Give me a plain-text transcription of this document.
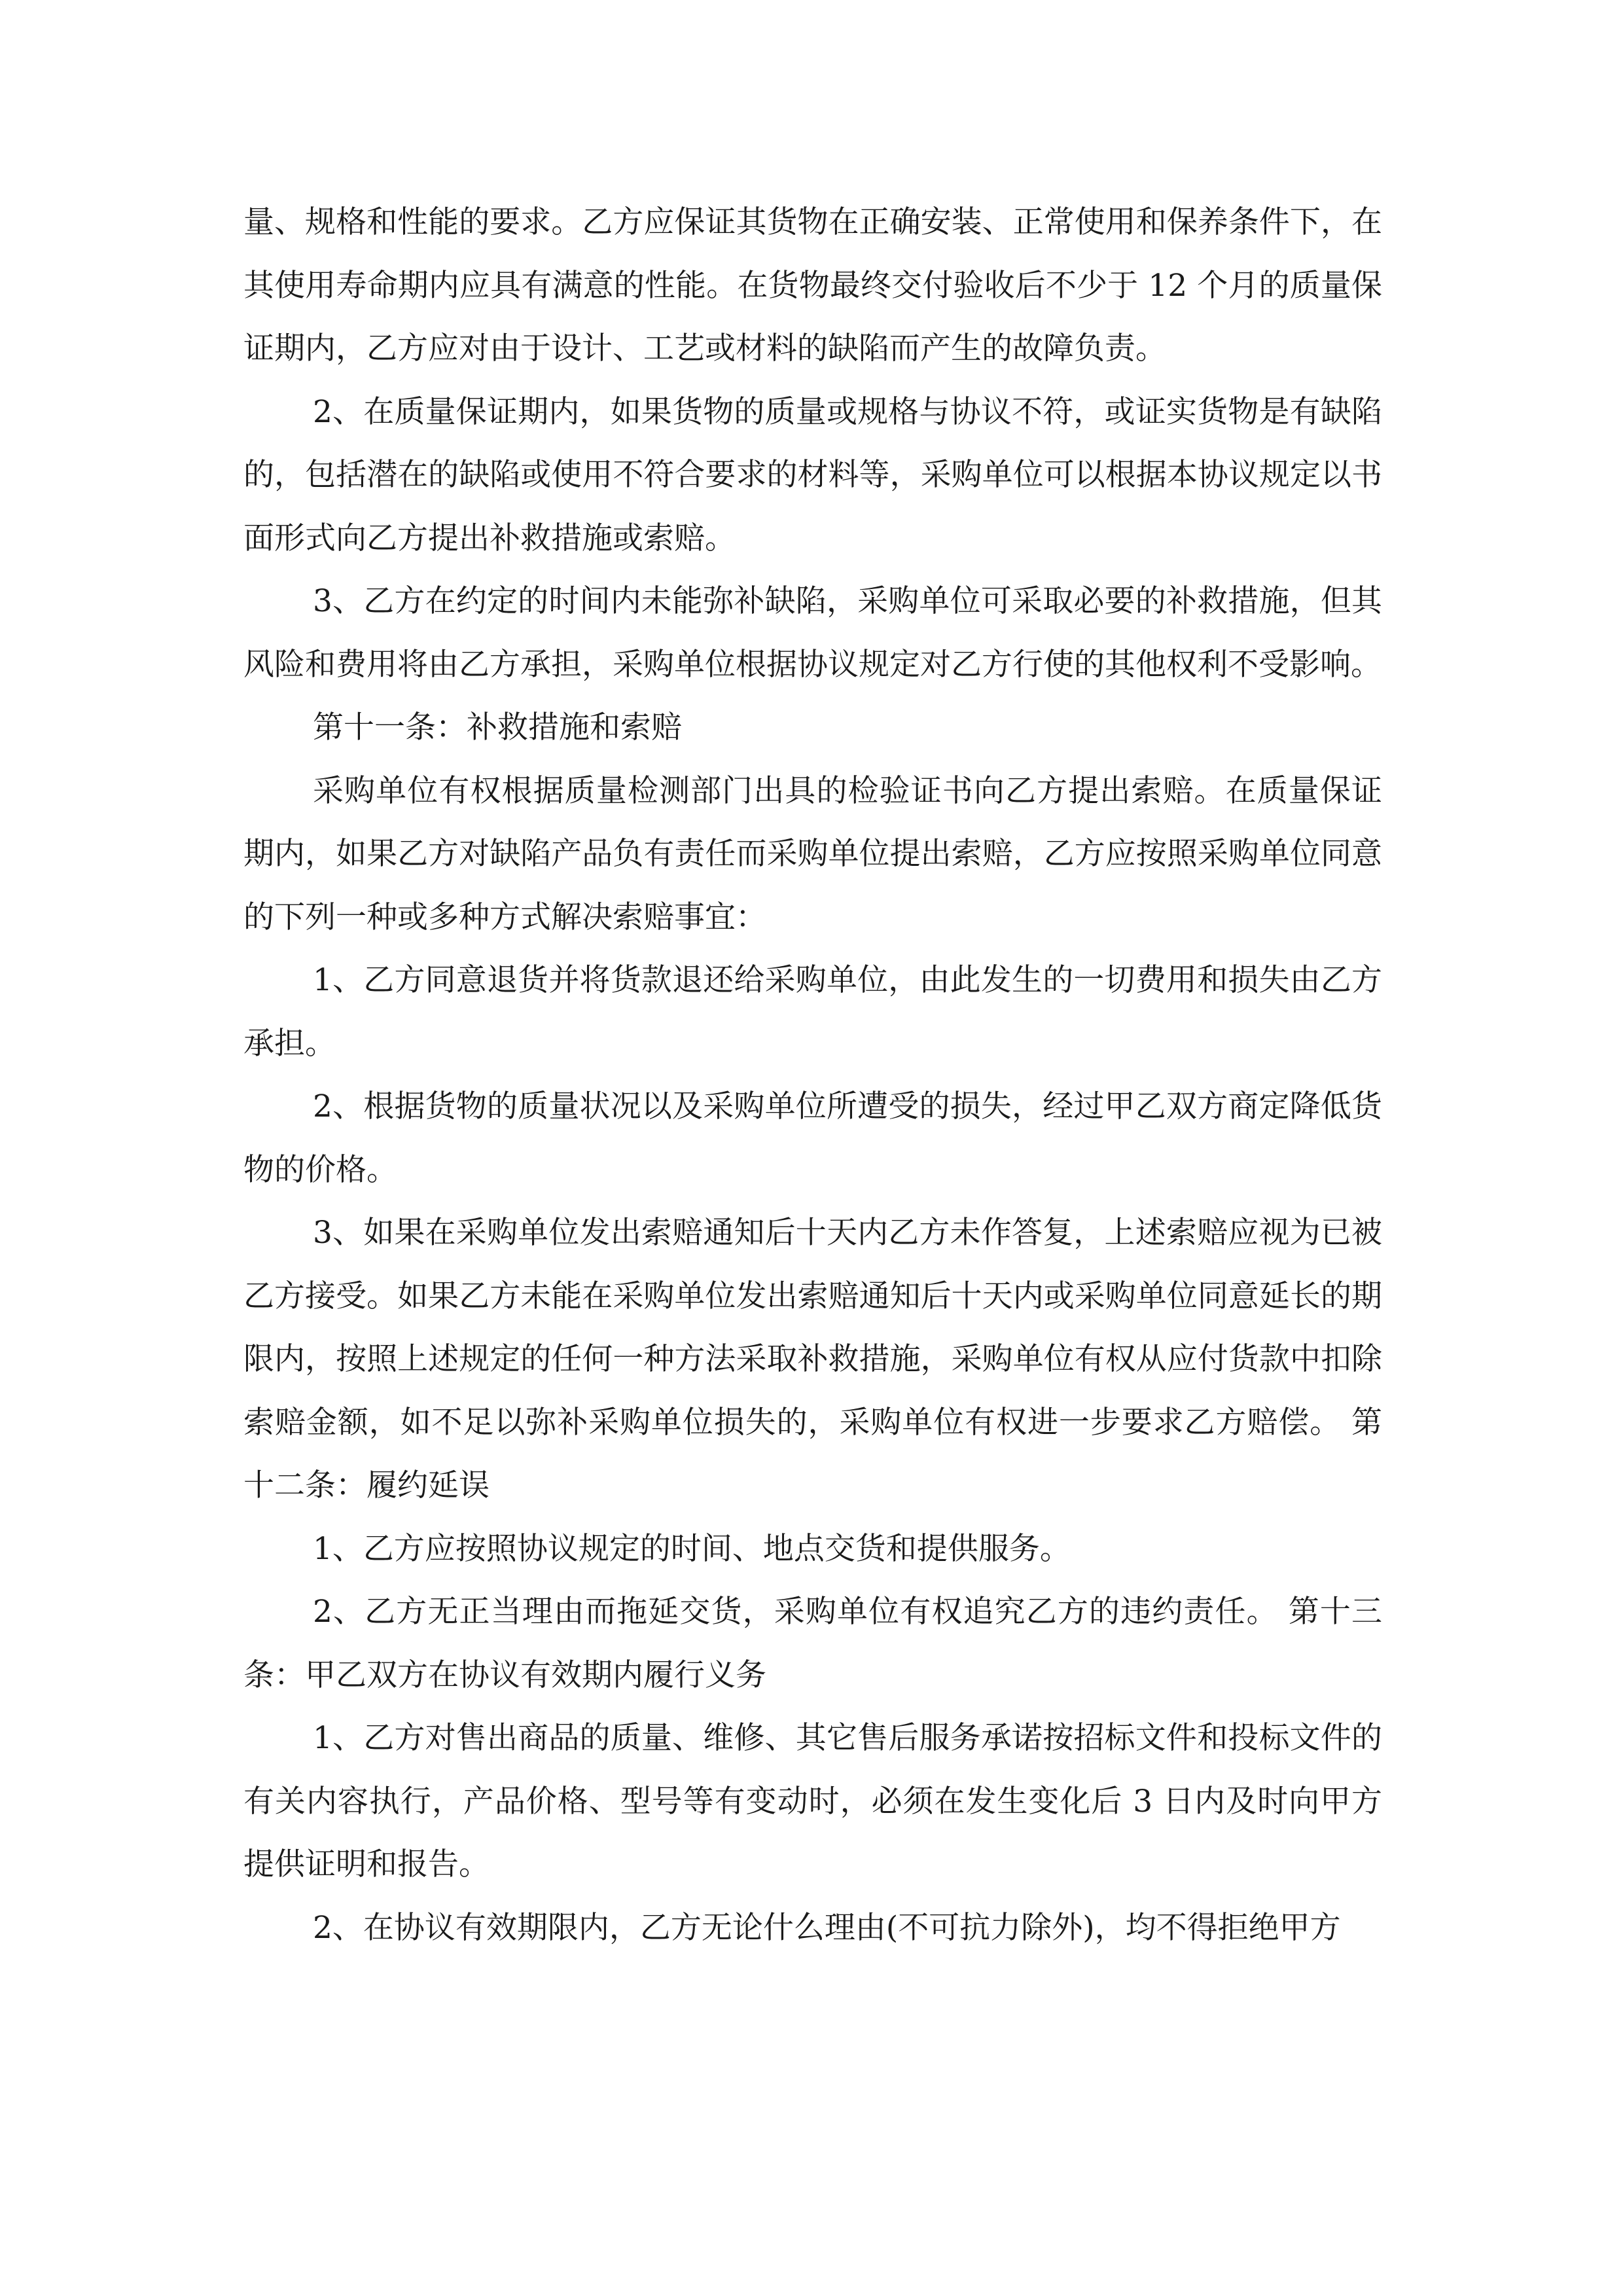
量、规格和性能的要求。乙方应保证其货物在正确安装、正常使用和保养条件下，在其使用寿命期内应具有满意的性能。在货物最终交付验收后不少于 12 个月的质量保证期内，乙方应对由于设计、工艺或材料的缺陷而产生的故障负责。

2、在质量保证期内，如果货物的质量或规格与协议不符，或证实货物是有缺陷的，包括潜在的缺陷或使用不符合要求的材料等，采购单位可以根据本协议规定以书面形式向乙方提出补救措施或索赔。

3、乙方在约定的时间内未能弥补缺陷，采购单位可采取必要的补救措施，但其风险和费用将由乙方承担，采购单位根据协议规定对乙方行使的其他权利不受影响。

第十一条：补救措施和索赔

采购单位有权根据质量检测部门出具的检验证书向乙方提出索赔。在质量保证期内，如果乙方对缺陷产品负有责任而采购单位提出索赔，乙方应按照采购单位同意的下列一种或多种方式解决索赔事宜：

1、乙方同意退货并将货款退还给采购单位，由此发生的一切费用和损失由乙方承担。

2、根据货物的质量状况以及采购单位所遭受的损失，经过甲乙双方商定降低货物的价格。

3、如果在采购单位发出索赔通知后十天内乙方未作答复，上述索赔应视为已被乙方接受。如果乙方未能在采购单位发出索赔通知后十天内或采购单位同意延长的期限内，按照上述规定的任何一种方法采取补救措施，采购单位有权从应付货款中扣除索赔金额，如不足以弥补采购单位损失的，采购单位有权进一步要求乙方赔偿。 第十二条：履约延误

1、乙方应按照协议规定的时间、地点交货和提供服务。

2、乙方无正当理由而拖延交货，采购单位有权追究乙方的违约责任。 第十三条：甲乙双方在协议有效期内履行义务

1、乙方对售出商品的质量、维修、其它售后服务承诺按招标文件和投标文件的有关内容执行，产品价格、型号等有变动时，必须在发生变化后 3 日内及时向甲方提供证明和报告。

2、在协议有效期限内，乙方无论什么理由(不可抗力除外)，均不得拒绝甲方
